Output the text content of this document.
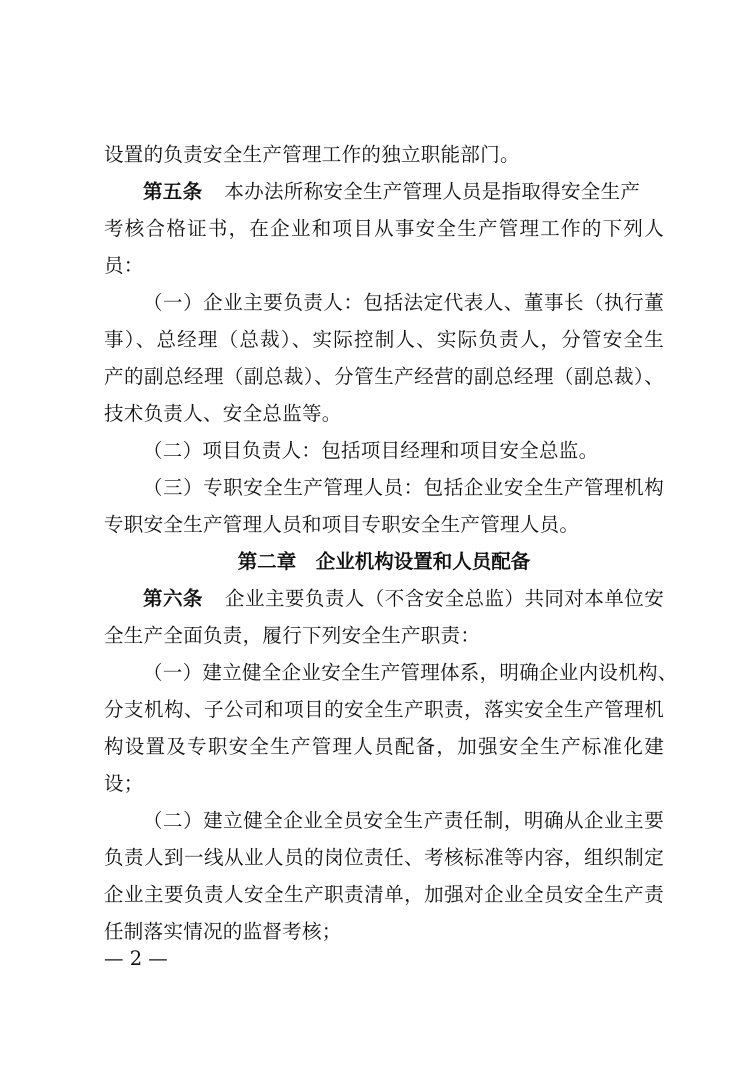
设置的负责安全生产管理工作的独立职能部门。
第五条 本办法所称安全生产管理人员是指取得安全生产
考核合格证书，在企业和项目从事安全生产管理工作的下列人
员：
（一）企业主要负责人：包括法定代表人、董事长（执行董
事）、总经理（总裁）、实际控制人、实际负责人，分管安全生
产的副总经理（副总裁）、分管生产经营的副总经理（副总裁）、
技术负责人、安全总监等。
（二）项目负责人：包括项目经理和项目安全总监。
（三）专职安全生产管理人员：包括企业安全生产管理机构
专职安全生产管理人员和项目专职安全生产管理人员。
第二章　企业机构设置和人员配备
第六条 企业主要负责人（不含安全总监）共同对本单位安
全生产全面负责，履行下列安全生产职责：
（一）建立健全企业安全生产管理体系，明确企业内设机构、
分支机构、子公司和项目的安全生产职责，落实安全生产管理机
构设置及专职安全生产管理人员配备，加强安全生产标准化建
设；
（二）建立健全企业全员安全生产责任制，明确从企业主要
负责人到一线从业人员的岗位责任、考核标准等内容，组织制定
企业主要负责人安全生产职责清单，加强对企业全员安全生产责
任制落实情况的监督考核；
— 2 —
